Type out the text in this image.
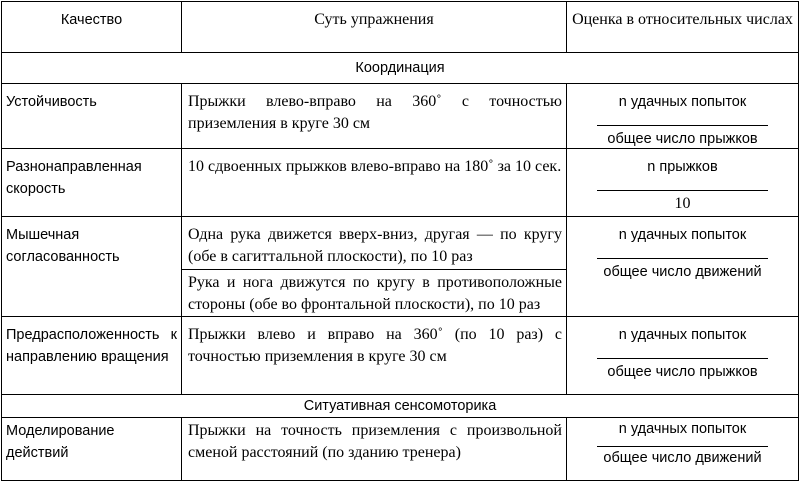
Качество	Суть упражнения	Оценка в относительных числах
Координация		
Устойчивость	Прыжки влево-вправо на 360˚ с точностью приземления в круге 30 см	n удачных попыток
общее число прыжков

Разнонаправленная скорость	10 сдвоенных прыжков влево-вправо на 180˚ за 10 сек.	n прыжков
10

Мышечная согласованность	Одна рука движется вверх-вниз, другая — по кругу (обе в сагиттальной плоскости), по 10 раз	n удачных попыток
общее число движений

	Рука и нога движутся по кругу в противоположные стороны (обе во фронтальной плоскости), по 10 раз	
Предрасположенность к направлению вращения	Прыжки влево и вправо на 360˚ (по 10 раз) с точностью приземления в круге 30 см	n удачных попыток
общее число прыжков

Ситуативная сенсомоторика		
Моделирование действий	Прыжки на точность приземления с произвольной сменой расстояний (по зданию тренера)	n удачных попыток
общее число движений
